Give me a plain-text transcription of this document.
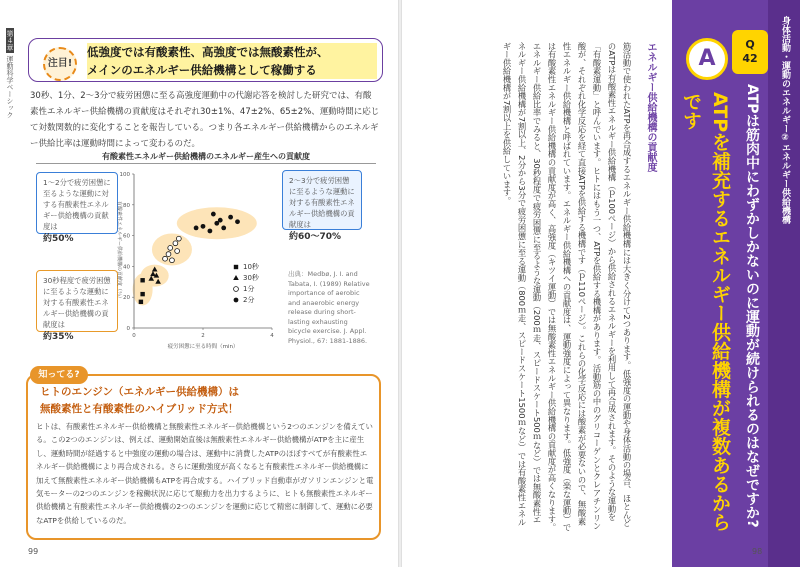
第４章 運動科学ベーシック	注目!
低強度では有酸素性、高強度では無酸素性が、
メインのエネルギー供給機構として稼働する
30秒、1分、2～3分で疲労困憊に至る高強度運動中の代謝応答を検討した研究では、有酸素性エネルギー供給機構の貢献度はそれぞれ30±1%、47±2%、65±2%、運動時間に応じて対数関数的に変化することを報告している。つまり各エネルギー供給機構からのエネルギー供給比率は運動時間によって変わるのだ。
有酸素性エネルギー供給機構のエネルギー産生への貢献度
1～2分で疲労困憊に至るような運動に対する有酸素性エネルギー供給機構の貢献度は
約50%
30秒程度で疲労困憊に至るような運動に対する有酸素性エネルギー供給機構の貢献度は
約35%
2～3分で疲労困憊に至るような運動に対する有酸素性エネルギー供給機構の貢献度は
約60～70%
0
20
40
60
80
100
0	2	4
疲労困憊に至る時間（min）
有酸素性エネルギー供給機構の貢献度（％）	10秒
30秒
1分
2分
出典：Medbø, J. I. and Tabata, I. (1989) Relative importance of aerobic and anaerobic energy release during short-lasting exhausting bicycle exercise. J. Appl. Physiol., 67: 1881-1886.
知ってる?
ヒトのエンジン（エネルギー供給機構）は
無酸素性と有酸素性のハイブリッド方式！
ヒトは、有酸素性エネルギー供給機構と無酸素性エネルギー供給機構という2つのエンジンを備えている。この2つのエンジンは、例えば、運動開始直後は無酸素性エネルギー供給機構がATPを主に産生し、運動時間が経過すると中強度の運動の場合は、運動中に消費したATPのほぼすべてが有酸素性エネルギー供給機構により再合成される。さらに運動強度が高くなると有酸素性エネルギー供給機構に加えて無酸素性エネルギー供給機構もATPを再合成する。ハイブリッド自動車がガソリンエンジンと電気モーターの2つのエンジンを稼働状況に応じて駆動力を出力するように、ヒトも無酸素性エネルギー供給機構と有酸素性エネルギー供給機構の2つのエンジンを運動に応じて精密に制御して、運動に必要なATPを供給しているのだ。
99
エネルギー供給機構の貢献度
筋活動で使われたATPを再合成するエネルギー供給機構には大きく分けて2つあります。低強度の運動や身体活動の場合、ほとんどのATPは有酸素性エネルギー供給機構（ｐ100ページ）から供給されるエネルギーを利用して再合成されます。そのような運動を「有酸素運動」と呼んでいます。ヒトにはもう一つ、ATPを供給する機構があります。活動筋の中のグリコーゲンとクレアチンリン酸が、それぞれ化学反応を経て直接ATPを供給する機構です（ｐ110ページ）。これらの化学反応には酸素が必要ないので、無酸素性エネルギー供給機構と呼ばれています。エネルギー供給機構への貢献度は、運動強度によって異なります。低強度（楽な運動）では有酸素性エネルギー供給機構の貢献度が高く、高強度（キツイ運動）では無酸素性エネルギー供給機構の貢献度が高くなります。エネルギー供給比率でみると、30秒程度で疲労困憊に至るような運動（200ｍ走、スピードスケート500ｍなど）では無酸素性エネルギー供給機構が7割以上、2分から3分で疲労困憊に至る運動（800ｍ走、スピードスケート1500ｍなど）では有酸素性エネルギー供給機構が7割以上を供給しています。	身体活動・運動のエネルギー②エネルギー供給機構
Q
42
ATPは筋肉中にわずかしかないのに運動が続けられるのはなぜですか?
A
ATPを補充するエネルギー供給機構が複数あるからです
98
